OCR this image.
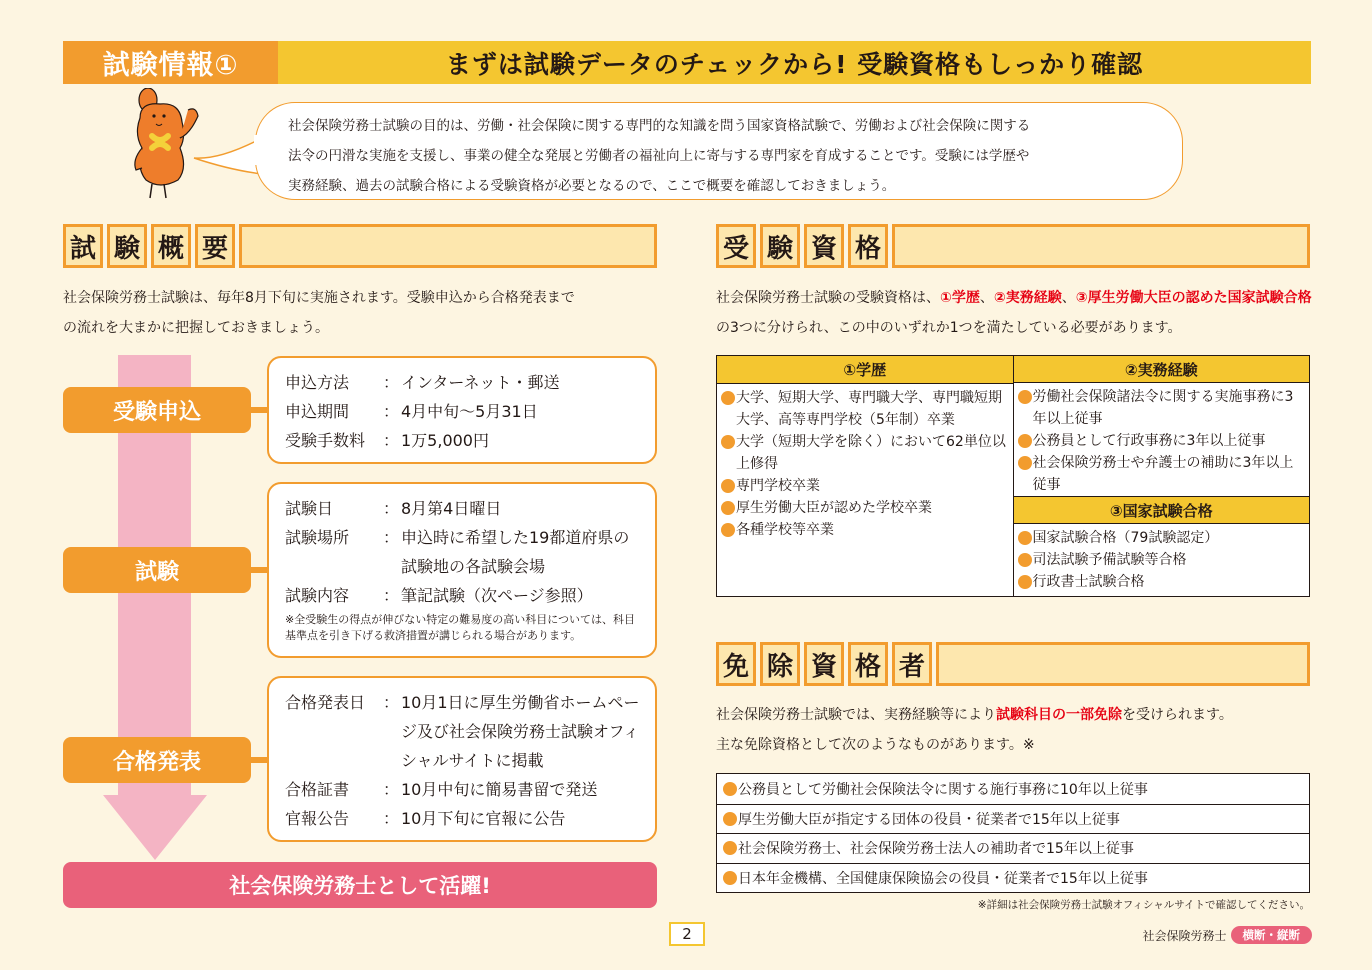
試験情報①	まずは試験データのチェックから! 受験資格もしっかり確認
社会保険労務士試験の目的は、労働・社会保険に関する専門的な知識を問う国家資格試験で、労働および社会保険に関する
法令の円滑な実施を支援し、事業の健全な発展と労働者の福祉向上に寄与する専門家を育成することです。受験には学歴や
実務経験、過去の試験合格による受験資格が必要となるので、ここで概要を確認しておきましょう。
試 験 概 要
社会保険労務士試験は、毎年8月下旬に実施されます。受験申込から合格発表まで
の流れを大まかに把握しておきましょう。
受験申込
申込方法	： インターネット・郵送
申込期間	： 4月中旬〜5月31日
受験手数料	： 1万5,000円
試験
試験日	： 8月第4日曜日
試験場所	： 申込時に希望した19都道府県の試験地の各試験会場
試験内容	： 筆記試験（次ページ参照）
※全受験生の得点が伸びない特定の難易度の高い科目については、科目基準点を引き下げる救済措置が講じられる場合があります。
合格発表
合格発表日	： 10月1日に厚生労働省ホームページ及び社会保険労務士試験オフィシャルサイトに掲載
合格証書	： 10月中旬に簡易書留で発送
官報公告	： 10月下旬に官報に公告
社会保険労務士として活躍!
受 験 資 格
社会保険労務士試験の受験資格は、①学歴、②実務経験、③厚生労働大臣の認めた国家試験合格の3つに分けられ、この中のいずれか1つを満たしている必要があります。
①学歴
大学、短期大学、専門職大学、専門職短期大学、高等専門学校（5年制）卒業
大学（短期大学を除く）において62単位以上修得
専門学校卒業
厚生労働大臣が認めた学校卒業
各種学校等卒業
②実務経験
労働社会保険諸法令に関する実施事務に3年以上従事
公務員として行政事務に3年以上従事
社会保険労務士や弁護士の補助に3年以上従事
③国家試験合格
国家試験合格（79試験認定）
司法試験予備試験等合格
行政書士試験合格
免 除 資 格 者
社会保険労務士試験では、実務経験等により試験科目の一部免除を受けられます。
主な免除資格として次のようなものがあります。※
公務員として労働社会保険法令に関する施行事務に10年以上従事
厚生労働大臣が指定する団体の役員・従業者で15年以上従事
社会保険労務士、社会保険労務士法人の補助者で15年以上従事
日本年金機構、全国健康保険協会の役員・従業者で15年以上従事
※詳細は社会保険労務士試験オフィシャルサイトで確認してください。
2	社会保険労務士	横断・縦断
